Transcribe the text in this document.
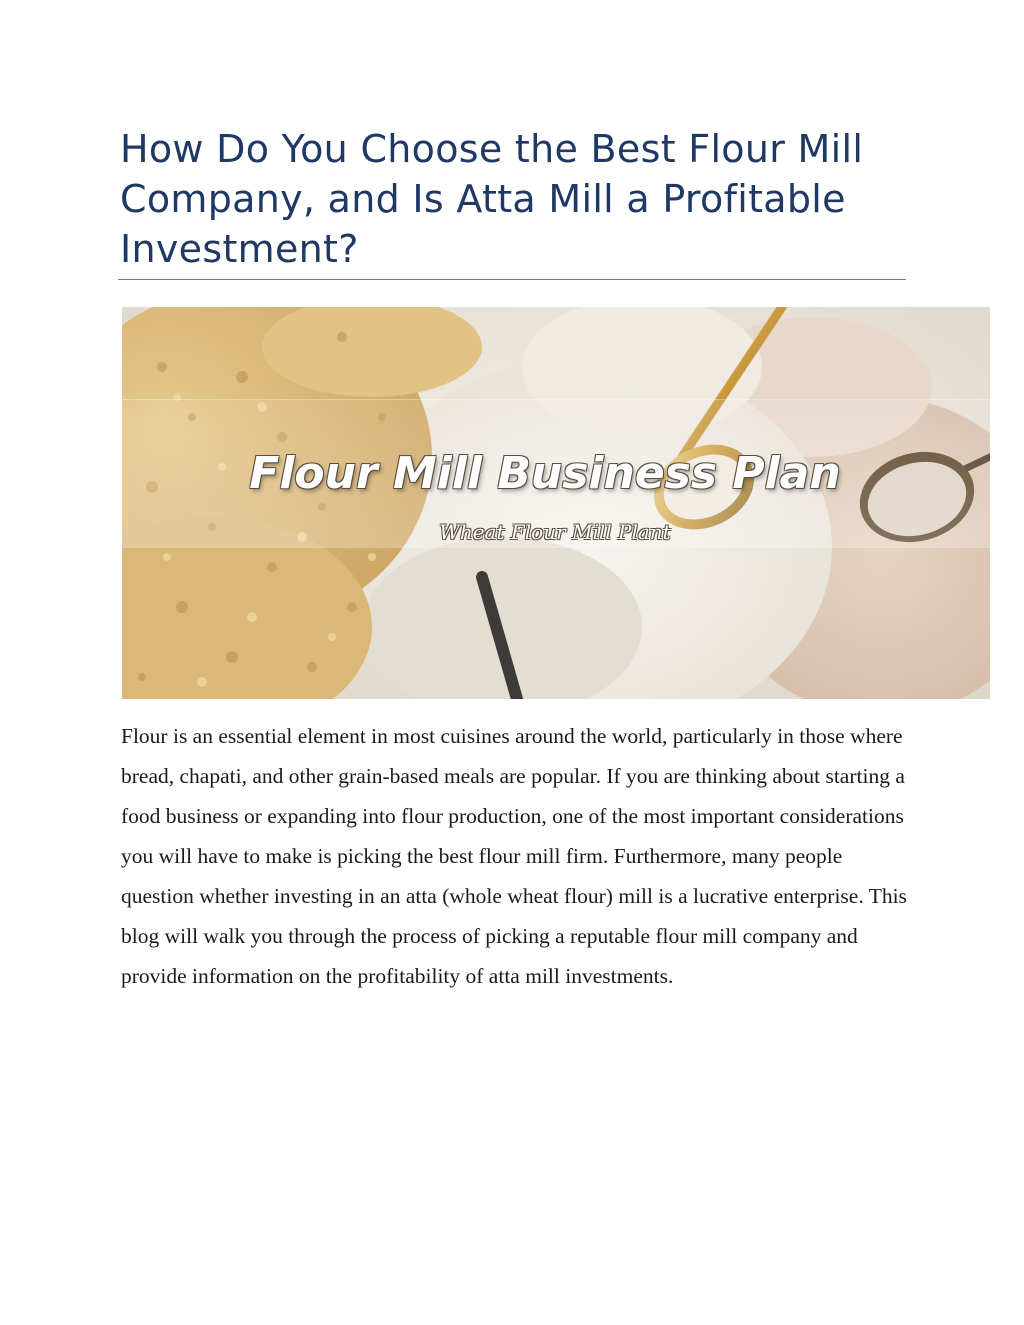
How Do You Choose the Best Flour Mill Company, and Is Atta Mill a Profitable Investment?
Flour Mill Business Plan
Wheat Flour Mill Plant

Flour is an essential element in most cuisines around the world, particularly in those where bread, chapati, and other grain-based meals are popular. If you are thinking about starting a food business or expanding into flour production, one of the most important considerations you will have to make is picking the best flour mill firm. Furthermore, many people question whether investing in an atta (whole wheat flour) mill is a lucrative enterprise. This blog will walk you through the process of picking a reputable flour mill company and provide information on the profitability of atta mill investments.
